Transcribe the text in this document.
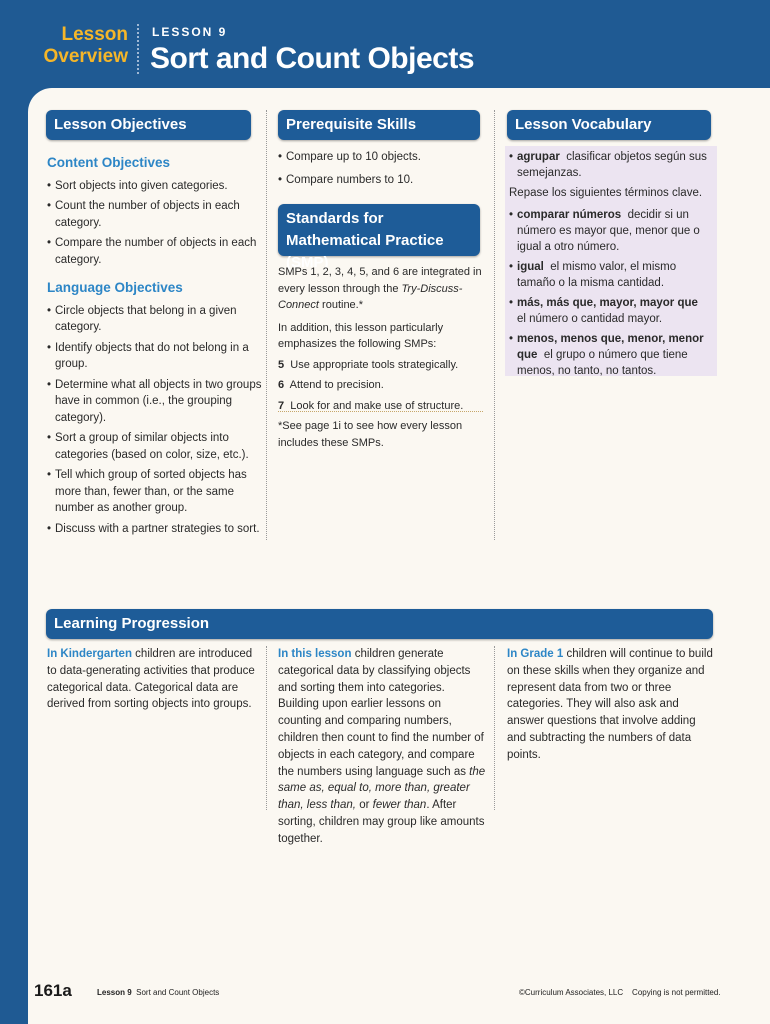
Lesson
Overview
LESSON 9
Sort and Count Objects
Lesson Objectives
Content Objectives
• Sort objects into given categories.
• Count the number of objects in each category.
• Compare the number of objects in each category.
Language Objectives
• Circle objects that belong in a given category.
• Identify objects that do not belong in a group.
• Determine what all objects in two groups have in common (i.e., the grouping category).
• Sort a group of similar objects into categories (based on color, size, etc.).
• Tell which group of sorted objects has more than, fewer than, or the same number as another group.
• Discuss with a partner strategies to sort.
Prerequisite Skills
• Compare up to 10 objects.
• Compare numbers to 10.
Standards for Mathematical Practice (SMP)

SMPs 1, 2, 3, 4, 5, and 6 are integrated in every lesson through the Try-Discuss-Connect routine.*

In addition, this lesson particularly emphasizes the following SMPs:

5 Use appropriate tools strategically.

6 Attend to precision.

7 Look for and make use of structure.

*See page 1i to see how every lesson includes these SMPs.
Lesson Vocabulary
• agrupar clasificar objetos según sus semejanzas.
Repase los siguientes términos clave.
• comparar números decidir si un número es mayor que, menor que o igual a otro número.
• igual el mismo valor, el mismo tamaño o la misma cantidad.
• más, más que, mayor, mayor que  el número o cantidad mayor.
• menos, menos que, menor, menor que el grupo o número que tiene menos, no tanto, no tantos.
Learning Progression
In Kindergarten children are introduced to data-generating activities that produce categorical data. Categorical data are derived from sorting objects into groups.
In this lesson children generate categorical data by classifying objects and sorting them into categories. Building upon earlier lessons on counting and comparing numbers, children then count to find the number of objects in each category, and compare the numbers using language such as the same as, equal to, more than, greater than, less than, or fewer than. After sorting, children may group like amounts together.
In Grade 1 children will continue to build on these skills when they organize and represent data from two or three categories. They will also ask and answer questions that involve adding and subtracting the numbers of data points.
161a	Lesson 9 Sort and Count Objects	©Curriculum Associates, LLC Copying is not permitted.
